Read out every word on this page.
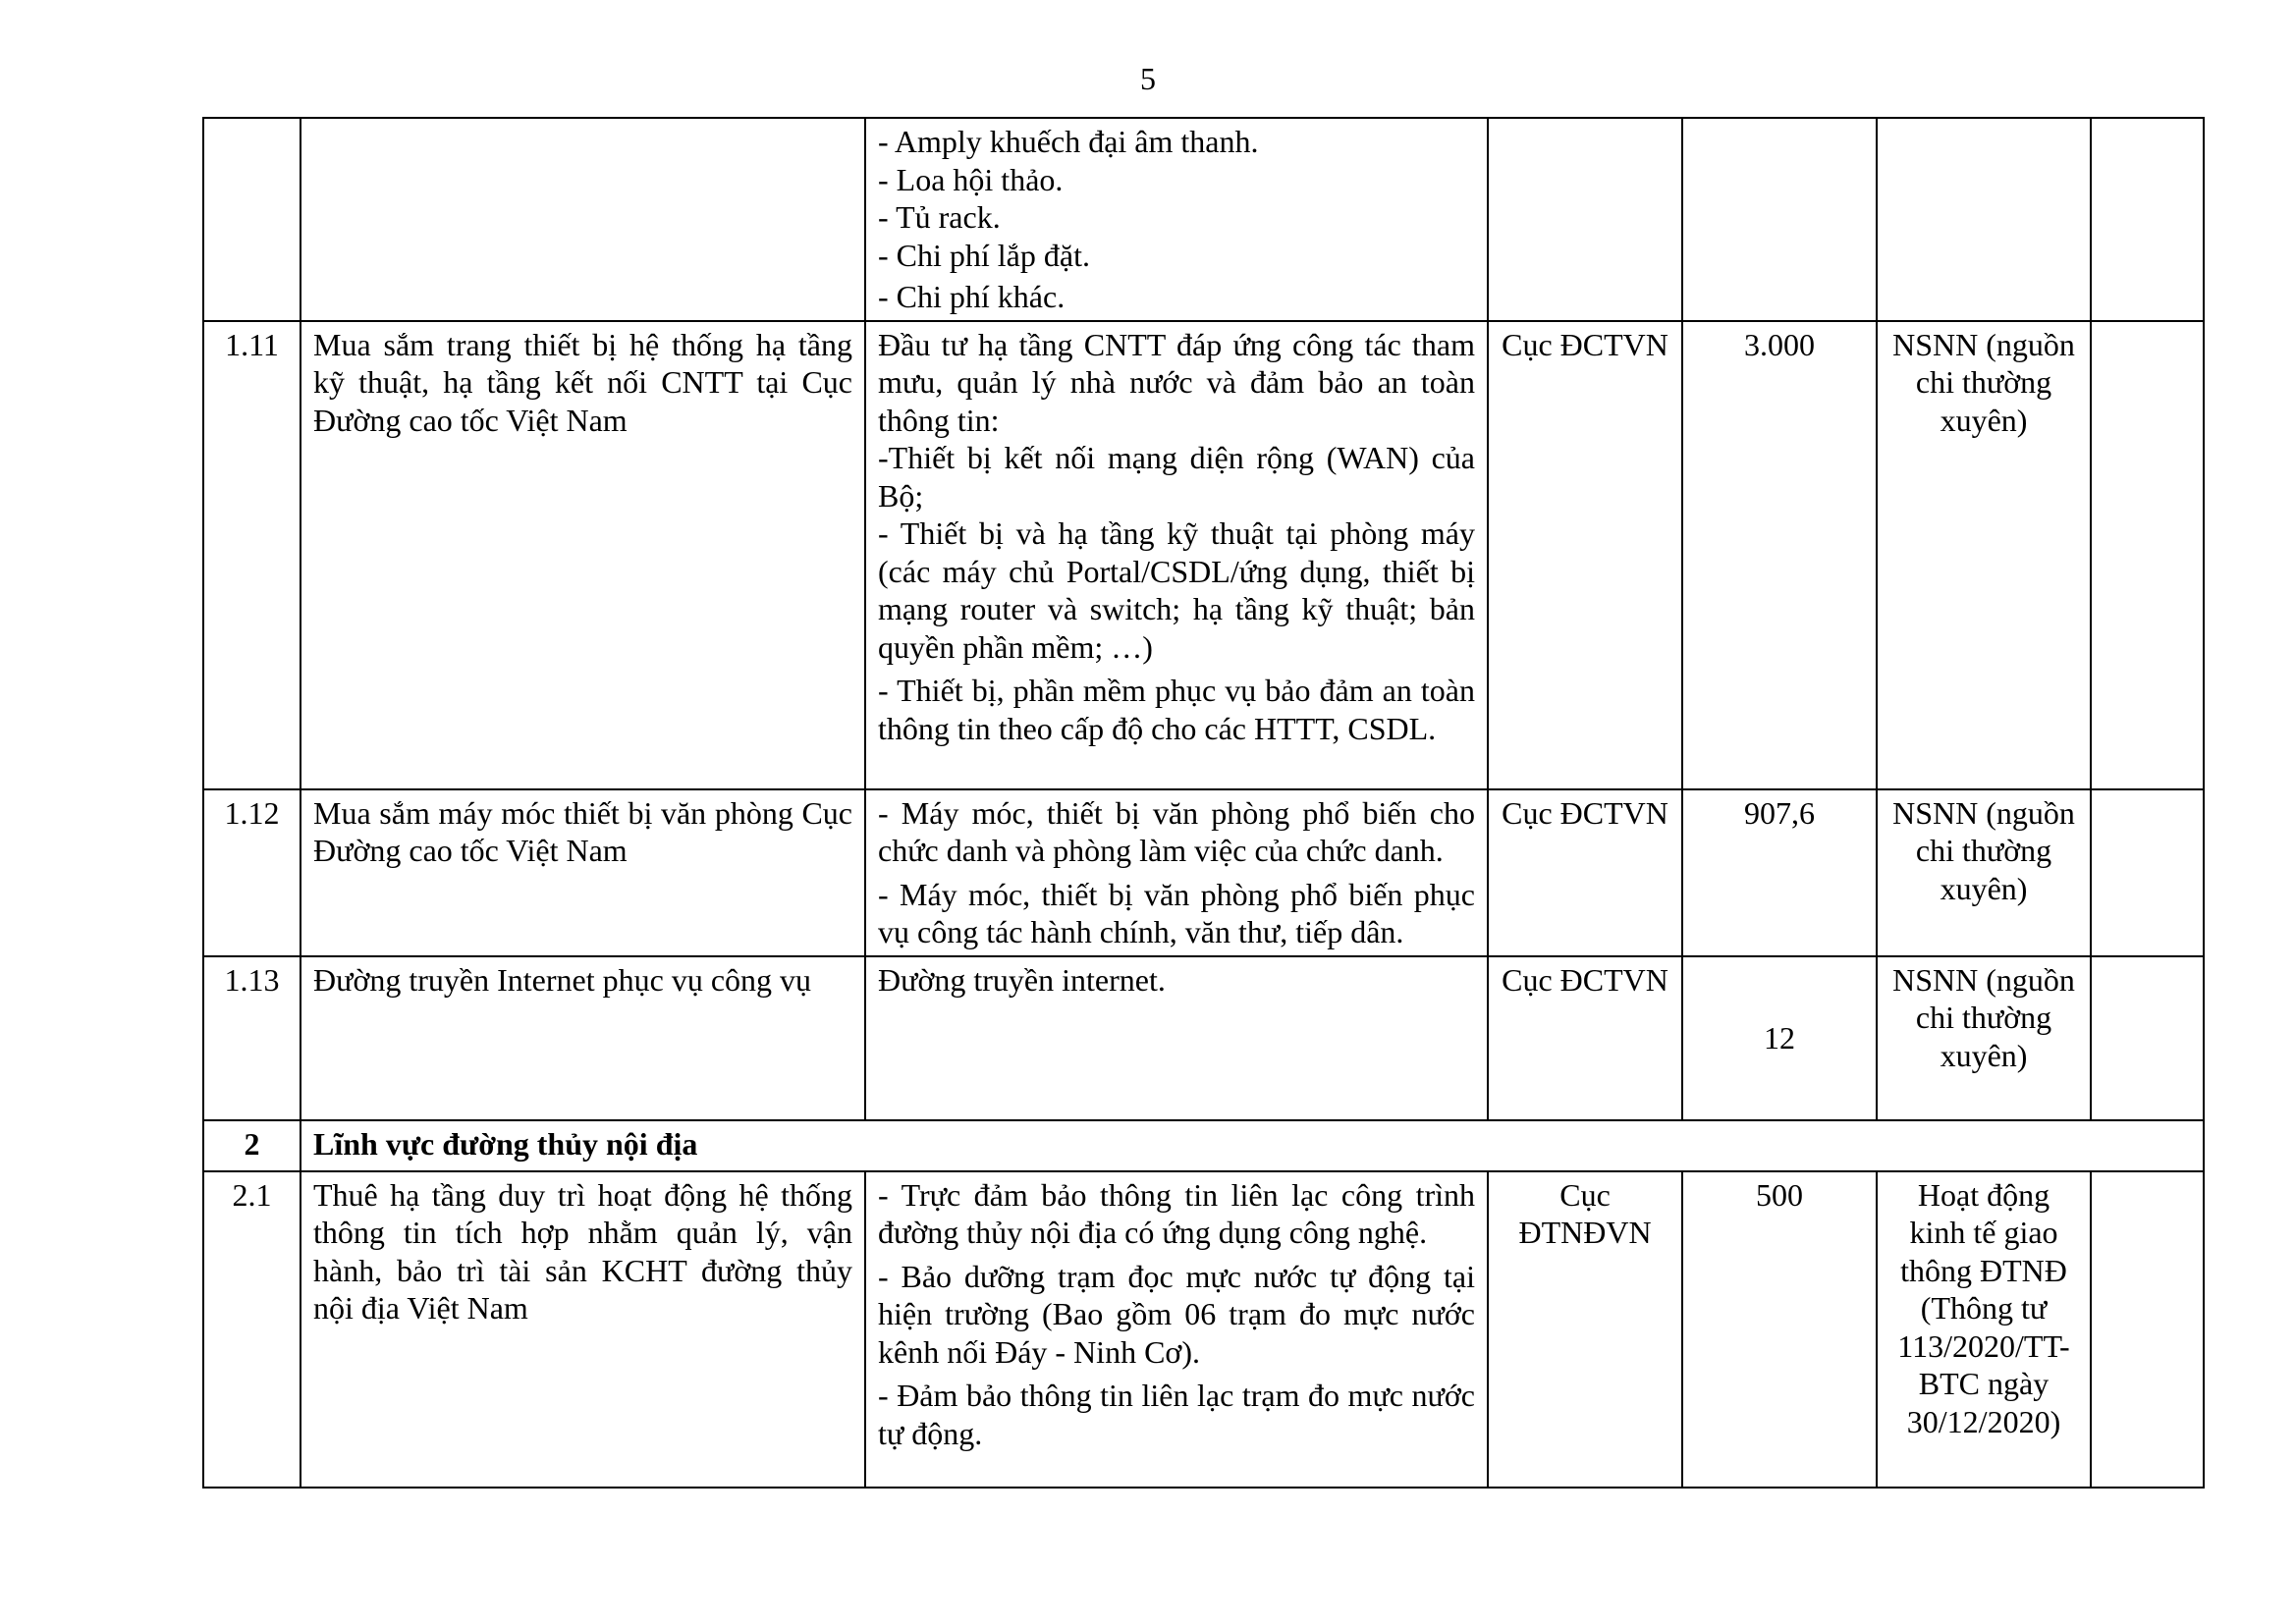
5

		- Amply khuếch đại âm thanh.
- Loa hội thảo.
- Tủ rack.
- Chi phí lắp đặt.
- Chi phí khác.				

1.11	Mua sắm trang thiết bị hệ thống hạ tầng kỹ thuật, hạ tầng kết nối CNTT tại Cục Đường cao tốc Việt Nam	Đầu tư hạ tầng CNTT đáp ứng công tác tham mưu, quản lý nhà nước và đảm bảo an toàn thông tin:
-Thiết bị kết nối mạng diện rộng (WAN) của Bộ;
- Thiết bị và hạ tầng kỹ thuật tại phòng máy (các máy chủ Portal/CSDL/ứng dụng, thiết bị mạng router và switch; hạ tầng kỹ thuật; bản quyền phần mềm; …)
- Thiết bị, phần mềm phục vụ bảo đảm an toàn thông tin theo cấp độ cho các HTTT, CSDL.	Cục ĐCTVN	3.000	NSNN (nguồn chi thường xuyên)	
1.12	Mua sắm máy móc thiết bị văn phòng Cục Đường cao tốc Việt Nam	- Máy móc, thiết bị văn phòng phổ biến cho chức danh và phòng làm việc của chức danh.
- Máy móc, thiết bị văn phòng phổ biến phục vụ công tác hành chính, văn thư, tiếp dân.	Cục ĐCTVN	907,6	NSNN (nguồn chi thường xuyên)	
1.13	Đường truyền Internet phục vụ công vụ	Đường truyền internet.	Cục ĐCTVN	12	NSNN (nguồn chi thường xuyên)	
2	Lĩnh vực đường thủy nội địa					
2.1	Thuê hạ tầng duy trì hoạt động hệ thống thông tin tích hợp nhằm quản lý, vận hành, bảo trì tài sản KCHT đường thủy nội địa Việt Nam	- Trực đảm bảo thông tin liên lạc công trình đường thủy nội địa có ứng dụng công nghệ.
- Bảo dưỡng trạm đọc mực nước tự động tại hiện trường (Bao gồm 06 trạm đo mực nước kênh nối Đáy - Ninh Cơ).
- Đảm bảo thông tin liên lạc trạm đo mực nước tự động.	Cục ĐTNĐVN	500	Hoạt động kinh tế giao thông ĐTNĐ (Thông tư 113/2020/TT-BTC ngày 30/12/2020)	
